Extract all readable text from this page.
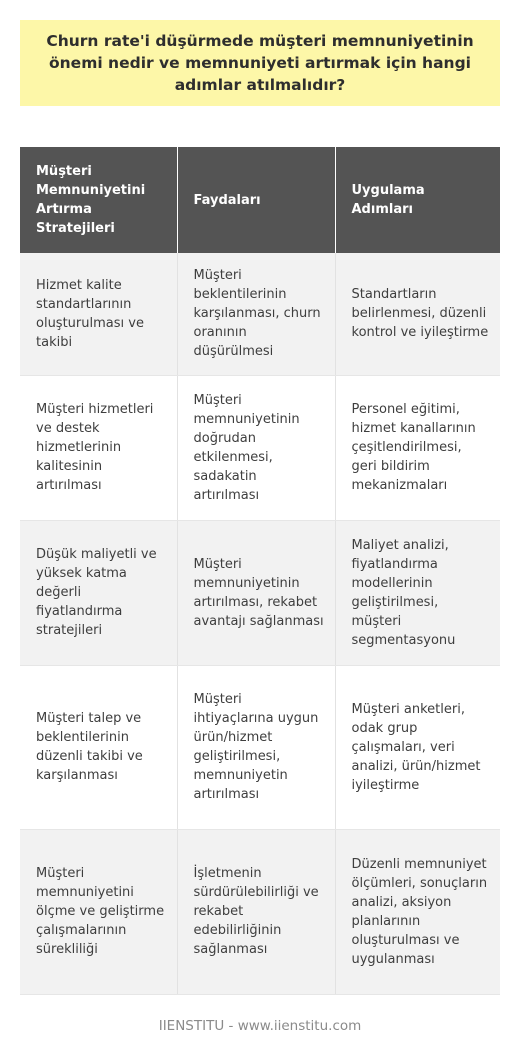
Churn rate'i düşürmede müşteri memnuniyetinin önemi nedir ve memnuniyeti artırmak için hangi adımlar atılmalıdır?
Müşteri Memnuniyetini Artırma Stratejileri	Faydaları	Uygulama Adımları
Hizmet kalite standartlarının oluşturulması ve takibi	Müşteri beklentilerinin karşılanması, churn oranının düşürülmesi	Standartların belirlenmesi, düzenli kontrol ve iyileştirme
Müşteri hizmetleri ve destek hizmetlerinin kalitesinin artırılması	Müşteri memnuniyetinin doğrudan etkilenmesi, sadakatin artırılması	Personel eğitimi, hizmet kanallarının çeşitlendirilmesi, geri bildirim mekanizmaları
Düşük maliyetli ve yüksek katma değerli fiyatlandırma stratejileri	Müşteri memnuniyetinin artırılması, rekabet avantajı sağlanması	Maliyet analizi, fiyatlandırma modellerinin geliştirilmesi, müşteri segmentasyonu
Müşteri talep ve beklentilerinin düzenli takibi ve karşılanması	Müşteri ihtiyaçlarına uygun ürün/hizmet geliştirilmesi, memnuniyetin artırılması	Müşteri anketleri, odak grup çalışmaları, veri analizi, ürün/hizmet iyileştirme
Müşteri memnuniyetini ölçme ve geliştirme çalışmalarının sürekliliği	İşletmenin sürdürülebilirliği ve rekabet edebilirliğinin sağlanması	Düzenli memnuniyet ölçümleri, sonuçların analizi, aksiyon planlarının oluşturulması ve uygulanması
IIENSTITU - www.iienstitu.com
